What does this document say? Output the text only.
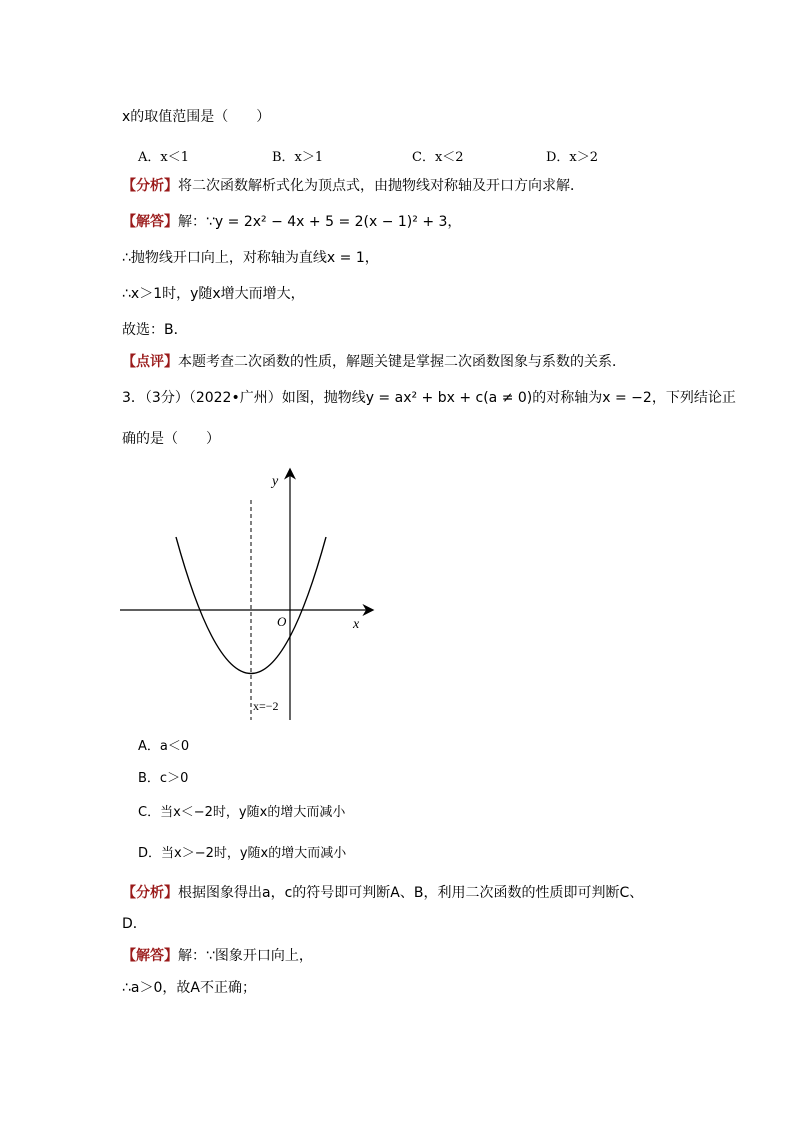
x的取值范围是（　　）
A．x＜1	B．x＞1	C．x＜2	D．x＞2
【分析】将二次函数解析式化为顶点式，由抛物线对称轴及开口方向求解．
【解答】解：∵y = 2x² − 4x + 5 = 2(x − 1)² + 3，
∴抛物线开口向上，对称轴为直线x = 1，
∴x＞1时，y随x增大而增大，
故选：B．
【点评】本题考查二次函数的性质，解题关键是掌握二次函数图象与系数的关系．
3．（3分）（2022•广州）如图，抛物线y = ax² + bx + c(a ≠ 0)的对称轴为x = −2，下列结论正
确的是（　　）
y
x
O
x=−2
A．a＜0
B．c＞0
C．当x＜−2时，y随x的增大而减小
D．当x＞−2时，y随x的增大而减小
【分析】根据图象得出a，c的符号即可判断A、B，利用二次函数的性质即可判断C、
D．
【解答】解：∵图象开口向上，
∴a＞0，故A不正确；
